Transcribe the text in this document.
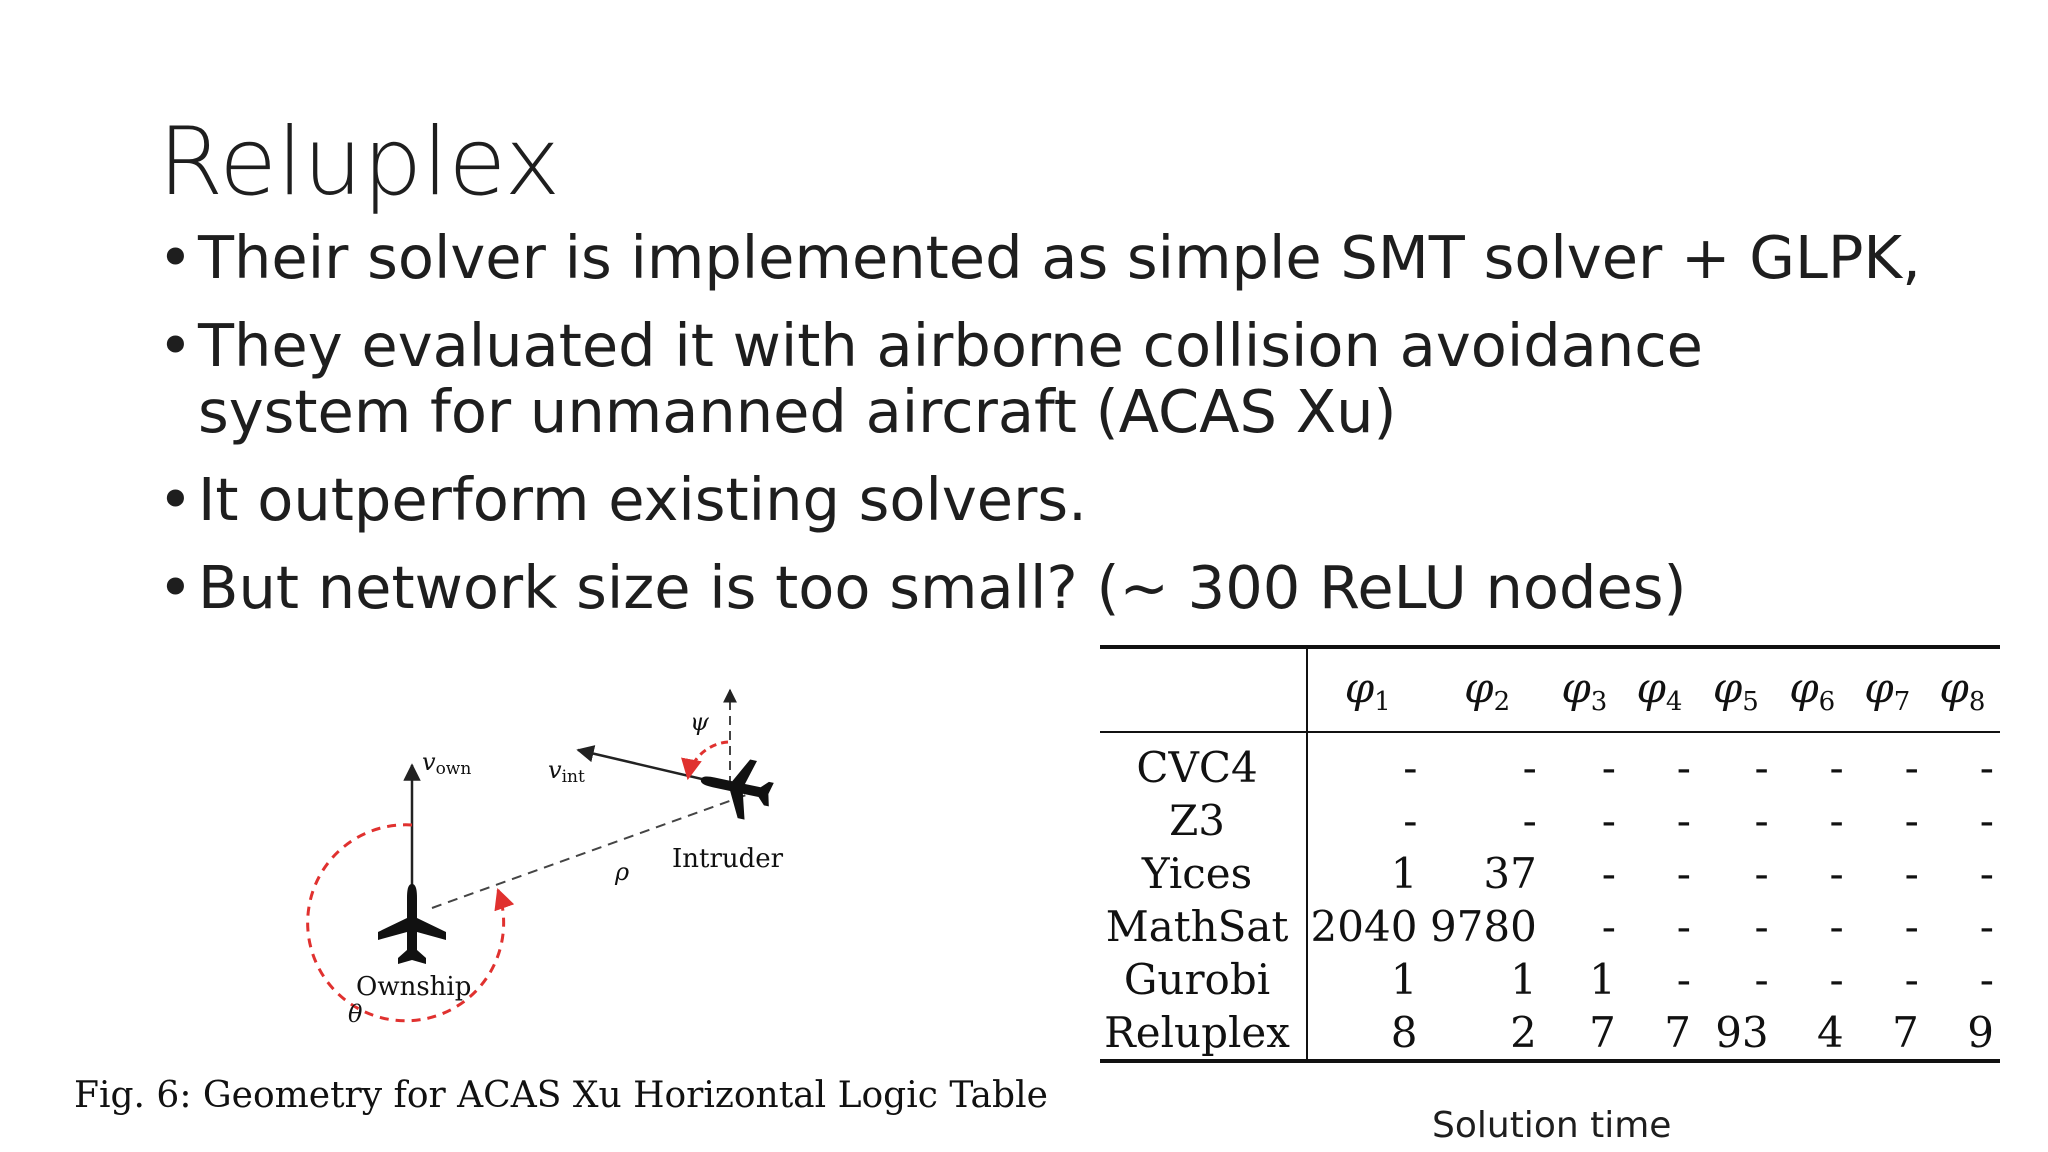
Reluplex
• Their solver is implemented as simple SMT solver + GLPK,
• They evaluated it with airborne collision avoidance system for unmanned aircraft (ACAS Xu)
• It outperform existing solvers.
• But network size is too small? (~ 300 ReLU nodes)
vown	vint
ψ
ρ
θ
Intruder
Ownship
Fig. 6: Geometry for ACAS Xu Horizontal Logic Table
	$\varphi_1$	$\varphi_2$	$\varphi_3$	$\varphi_4$	$\varphi_5$	$\varphi_6$	$\varphi_7$	$\varphi_8$
CVC4	-	-	-	-	-	-	-	-
Z3	-	-	-	-	-	-	-	-
Yices	1	37	-	-	-	-	-	-
MathSat	2040	9780	-	-	-	-	-	-
Gurobi	1	1	1	-	-	-	-	-
Reluplex	8	2	7	7	93	4	7	9
Solution time
